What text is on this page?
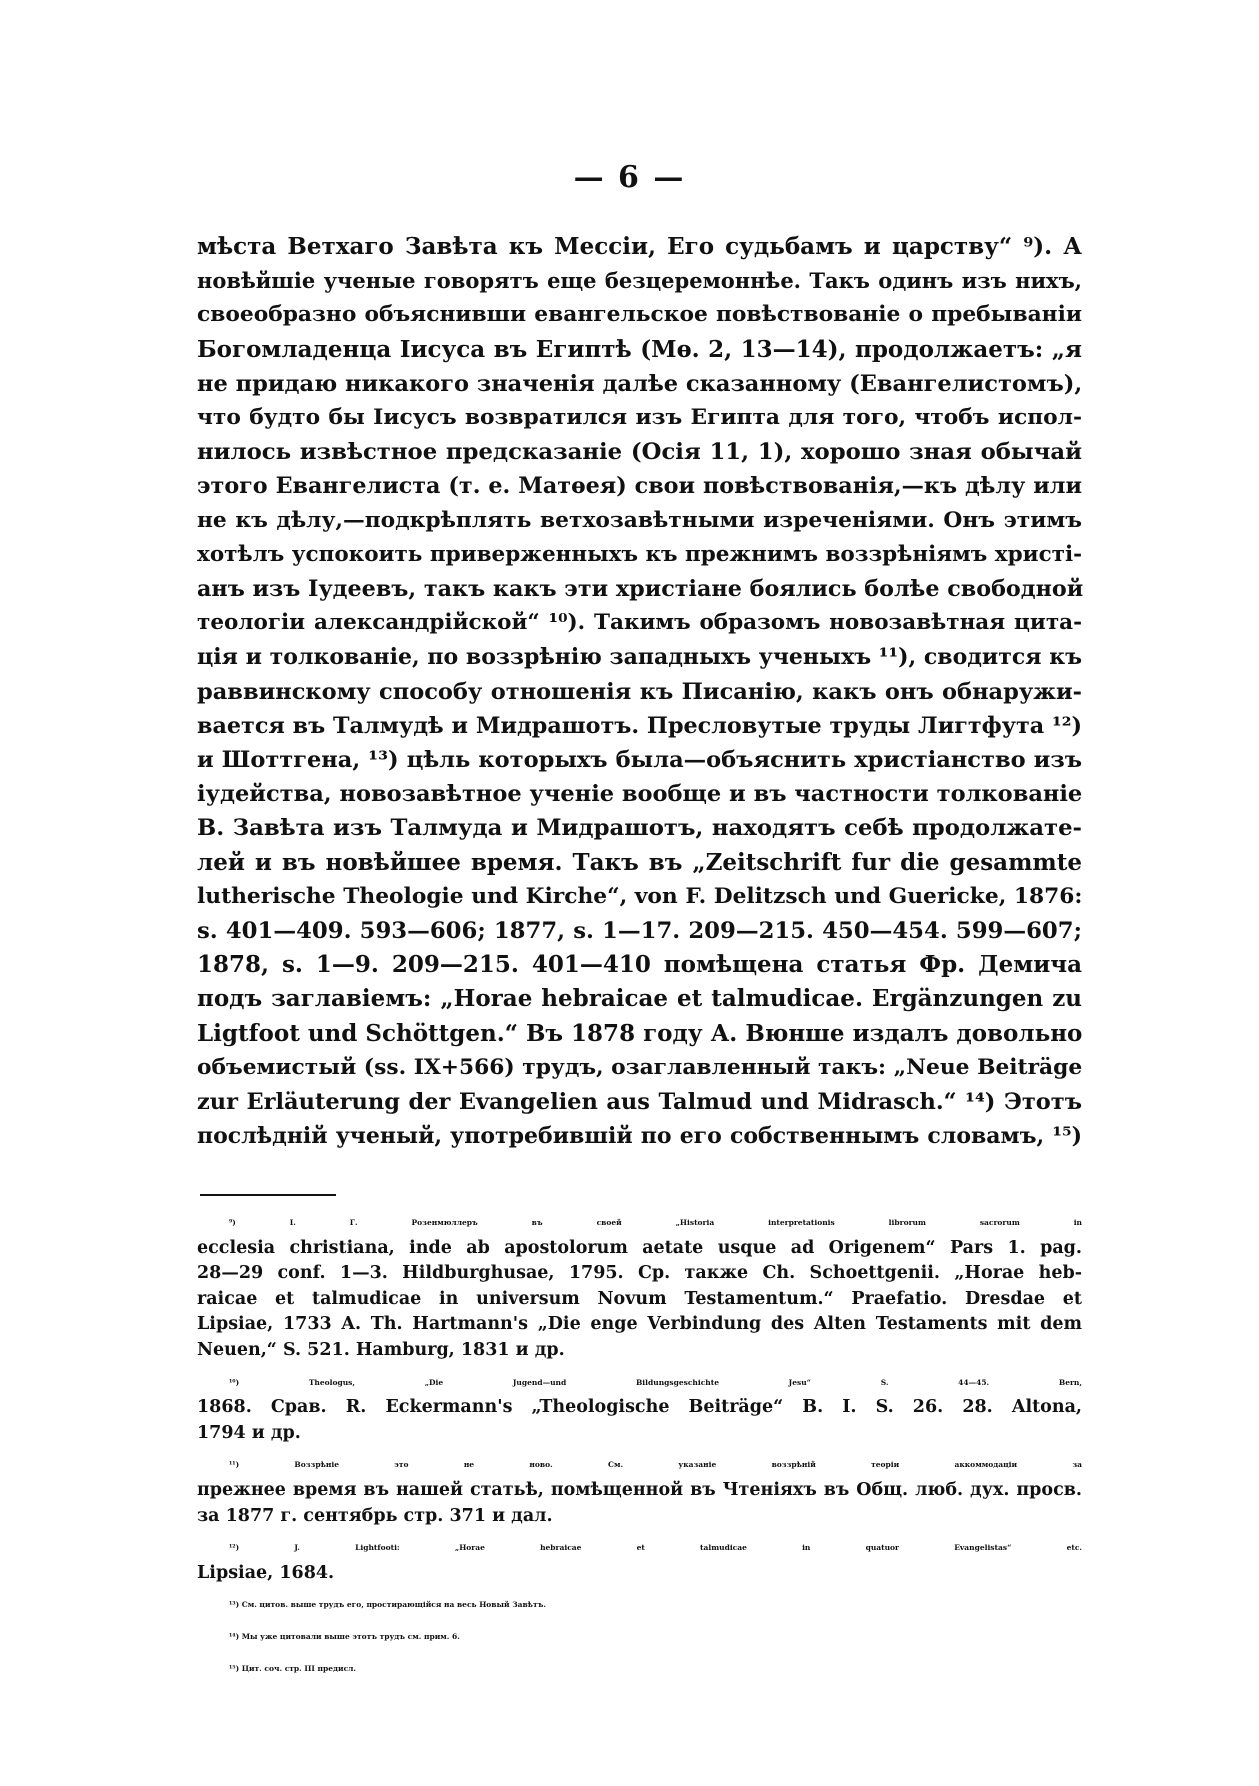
— 6 —
мѣста Ветхаго Завѣта къ Мессіи, Его судьбамъ и царству“ ⁹). А
новѣйшіе ученые говорятъ еще безцеремоннѣе. Такъ одинъ изъ нихъ,
своеобразно объяснивши евангельское повѣствованіе о пребываніи
Богомладенца Іисуса въ Египтѣ (Мѳ. 2, 13—14), продолжаетъ: „я
не придаю никакого значенія далѣе сказанному (Евангелистомъ),
что будто бы Іисусъ возвратился изъ Египта для того, чтобъ испол-
нилось извѣстное предсказаніе (Осія 11, 1), хорошо зная обычай
этого Евангелиста (т. е. Матѳея) свои повѣствованія,—къ дѣлу или
не къ дѣлу,—подкрѣплять ветхозавѣтными изреченіями. Онъ этимъ
хотѣлъ успокоить приверженныхъ къ прежнимъ воззрѣніямъ христі-
анъ изъ Іудеевъ, такъ какъ эти христiане боялись болѣе свободной
теологіи александрійской“ ¹⁰). Такимъ образомъ новозавѣтная цита-
ція и толкованіе, по воззрѣнію западныхъ ученыхъ ¹¹), сводится къ
раввинскому способу отношенія къ Писанію, какъ онъ обнаружи-
вается въ Талмудѣ и Мидрашотъ. Пресловутые труды Лигтфута ¹²)
и Шоттгена, ¹³) цѣль которыхъ была—объяснить христіанство изъ
іудейства, новозавѣтное ученіе вообще и въ частности толкованіе
В. Завѣта изъ Талмуда и Мидрашотъ, находятъ себѣ продолжате-
лей и въ новѣйшее время. Такъ въ „Zeitschrift fur die gesammte
lutherische Theologie und Kirche“, von F. Delitzsch und Guericke, 1876:
s. 401—409. 593—606; 1877, s. 1—17. 209—215. 450—454. 599—607;
1878, s. 1—9. 209—215. 401—410 помѣщена статья Фр. Демича
подъ заглавіемъ: „Horae hebraicae et talmudicae. Ergänzungen zu
Ligtfoot und Schöttgen.“ Въ 1878 году А. Вюнше издалъ довольно
объемистый (ss. IX+566) трудъ, озаглавленный такъ: „Neue Beiträge
zur Erläuterung der Evangelien aus Talmud und Midrasch.“ ¹⁴) Этотъ
послѣдній ученый, употребившій по его собственнымъ словамъ, ¹⁵)
⁹) I. Г. Розенмюллеръ въ своей „Historia interpretationis librorum sacrorum in
ecclesia christiana, inde ab apostolorum aetate usque ad Origenem“ Pars 1. pag.
28—29 conf. 1—3. Hildburghusae, 1795. Ср. также Ch. Schoettgenii. „Horae heb-
raicae et talmudicae in universum Novum Testamentum.“ Praefatio. Dresdae et
Lipsiae, 1733 A. Th. Hartmann's „Die enge Verbindung des Alten Testaments mit dem
Neuen,“ S. 521. Hamburg, 1831 и др.
¹⁰) Theologus, „Die Jugend—und Bildungsgeschichte Jesu“ S. 44—45. Bern,
1868. Срав. R. Eckermann's „Theologische Beiträge“ B. I. S. 26. 28. Altona,
1794 и др.
¹¹) Воззрѣніе это не ново. См. указаніе воззрѣній теоріи аккоммодаціи за
прежнее время въ нашей статьѣ, помѣщенной въ Чтеніяхъ въ Общ. люб. дух. просв.
за 1877 г. сентябрь стр. 371 и дал.
¹²) J. Lightfooti: „Horae hebraicae et talmudicae in quatuor Evangelistas“ etc.
Lipsiae, 1684.
¹³) См. цитов. выше трудъ его, простирающійся на весь Новый Завѣтъ.
¹⁴) Мы уже цитовали выше этотъ трудъ см. прим. 6.
¹⁵) Цит. соч. стр. III предисл.
